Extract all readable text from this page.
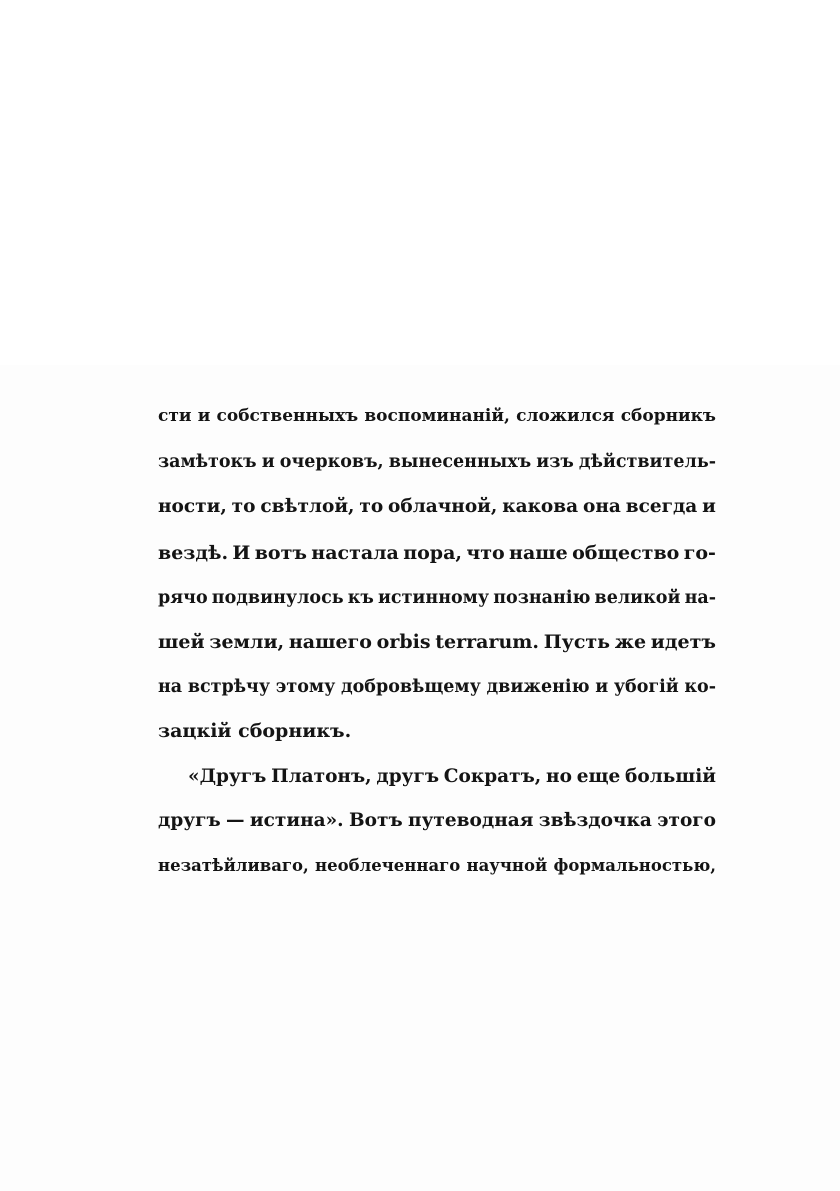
сти и собственныхъ воспоминаній, сложился сборникъ

замѣтокъ и очерковъ, вынесенныхъ изъ дѣйствитель-

ности, то свѣтлой, то облачной, какова она всегда и

вездѣ. И вотъ настала пора, что наше общество го-

рячо подвинулось къ истинному познанію великой на-

шей земли, нашего orbis terrarum. Пусть же идетъ

на встрѣчу этому добровѣщему движенію и убогій ко-

зацкій сборникъ.

«Другъ Платонъ, другъ Сократъ, но еще большій

другъ — истина». Вотъ путеводная звѣздочка этого

незатѣйливаго, необлеченнаго научной формальностью,
